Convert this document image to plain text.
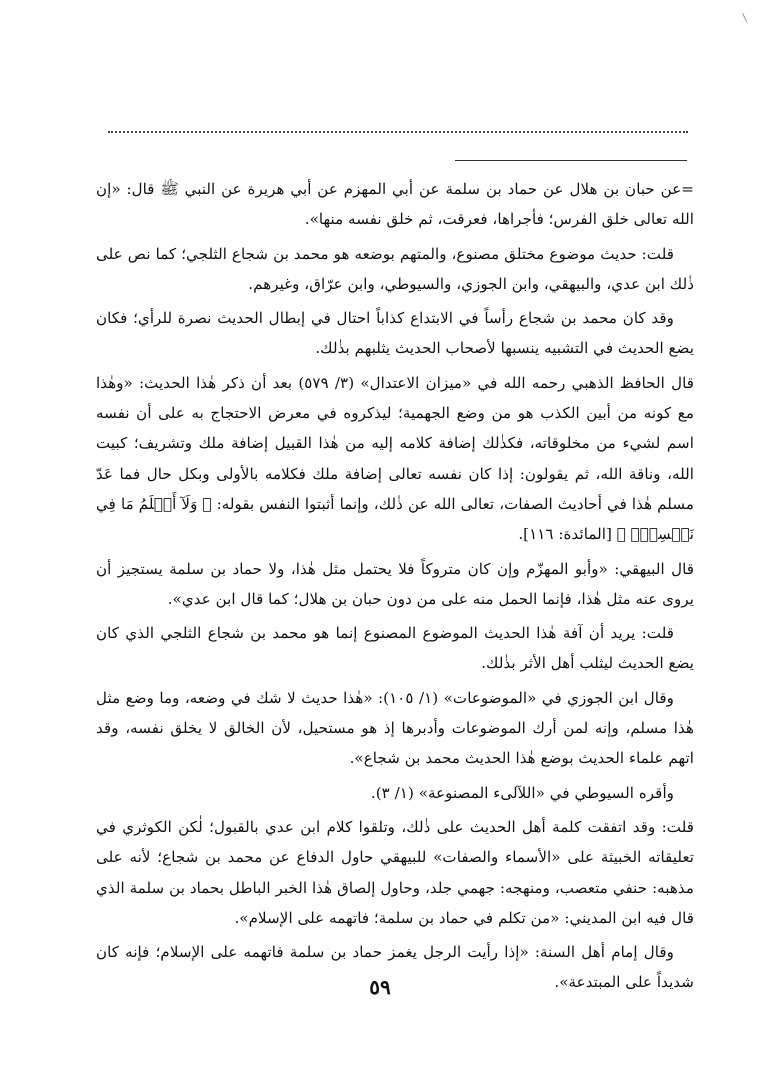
=عن حبان بن هلال عن حماد بن سلمة عن أبي المهزم عن أبي هريرة عن النبي ﷺ قال: «إن الله تعالى خلق الفرس؛ فأجراها، فعرقت، ثم خلق نفسه منها».

قلت: حديث موضوع مختلق مصنوع، والمتهم بوضعه هو محمد بن شجاع الثلجي؛ كما نص على ذٰلك ابن عدي، والبيهقي، وابن الجوزي، والسيوطي، وابن عرّاق، وغيرهم.

وقد كان محمد بن شجاع رأساً في الابتداع كذاباً احتال في إبطال الحديث نصرة للرأي؛ فكان يضع الحديث في التشبيه ينسبها لأصحاب الحديث يثلبهم بذٰلك.

قال الحافظ الذهبي رحمه الله في «ميزان الاعتدال» (٣/ ٥٧٩) بعد أن ذكر هٰذا الحديث: «وهٰذا مع كونه من أبين الكذب هو من وضع الجهمية؛ ليذكروه في معرض الاحتجاج به على أن نفسه اسم لشيء من مخلوقاته، فكذٰلك إضافة كلامه إليه من هٰذا القبيل إضافة ملك وتشريف؛ كبيت الله، وناقة الله، ثم يقولون: إذا كان نفسه تعالى إضافة ملك فكلامه بالأولى وبكل حال فما عَدّ مسلم هٰذا في أحاديث الصفات، تعالى الله عن ذٰلك، وإنما أثبتوا النفس بقوله: ﴿ وَلَآ أَعۡلَمُ مَا فِي نَفۡسِكَۚ ﴾ [المائدة: ١١٦].

قال البيهقي: «وأبو المهزّم وإن كان متروكاً فلا يحتمل مثل هٰذا، ولا حماد بن سلمة يستجيز أن يروى عنه مثل هٰذا، فإنما الحمل منه على من دون حبان بن هلال؛ كما قال ابن عدي».

قلت: يريد أن آفة هٰذا الحديث الموضوع المصنوع إنما هو محمد بن شجاع الثلجي الذي كان يضع الحديث ليثلب أهل الأثر بذٰلك.

وقال ابن الجوزي في «الموضوعات» (١/ ١٠٥): «هٰذا حديث لا شك في وضعه، وما وضع مثل هٰذا مسلم، وإنه لمن أرك الموضوعات وأدبرها إذ هو مستحيل، لأن الخالق لا يخلق نفسه، وقد اتهم علماء الحديث بوضع هٰذا الحديث محمد بن شجاع».

وأقره السيوطي في «اللآلىء المصنوعة» (١/ ٣).

قلت: وقد اتفقت كلمة أهل الحديث على ذٰلك، وتلقوا كلام ابن عدي بالقبول؛ لٰكن الكوثري في تعليقاته الخبيثة على «الأسماء والصفات» للبيهقي حاول الدفاع عن محمد بن شجاع؛ لأنه على مذهبه: حنفي متعصب، ومنهجه: جهمي جلد، وحاول إلصاق هٰذا الخبر الباطل بحماد بن سلمة الذي قال فيه ابن المديني: «من تكلم في حماد بن سلمة؛ فاتهمه على الإسلام».

وقال إمام أهل السنة: «إذا رأيت الرجل يغمز حماد بن سلمة فاتهمه على الإسلام؛ فإنه كان شديداً على المبتدعة».

٥٩
